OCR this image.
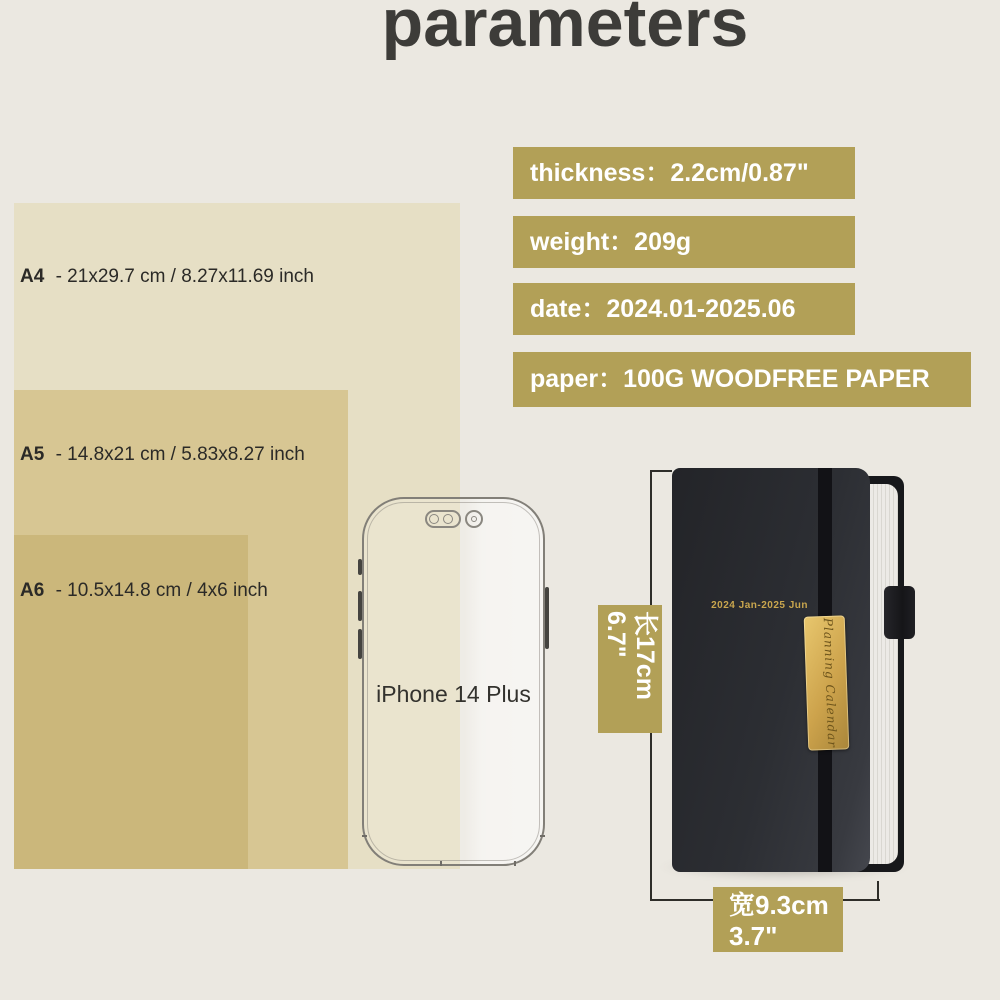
parameters
A4 - 21x29.7 cm / 8.27x11.69 inch
A5 - 14.8x21 cm / 5.83x8.27 inch
A6 - 10.5x14.8 cm / 4x6 inch
iPhone 14 Plus
thickness：2.2cm/0.87"
weight：209g
date：2024.01-2025.06
paper：100G WOODFREE PAPER
2024 Jan-2025 Jun
Planning Calendar
长17cm
6.7"
宽9.3cm
3.7"
